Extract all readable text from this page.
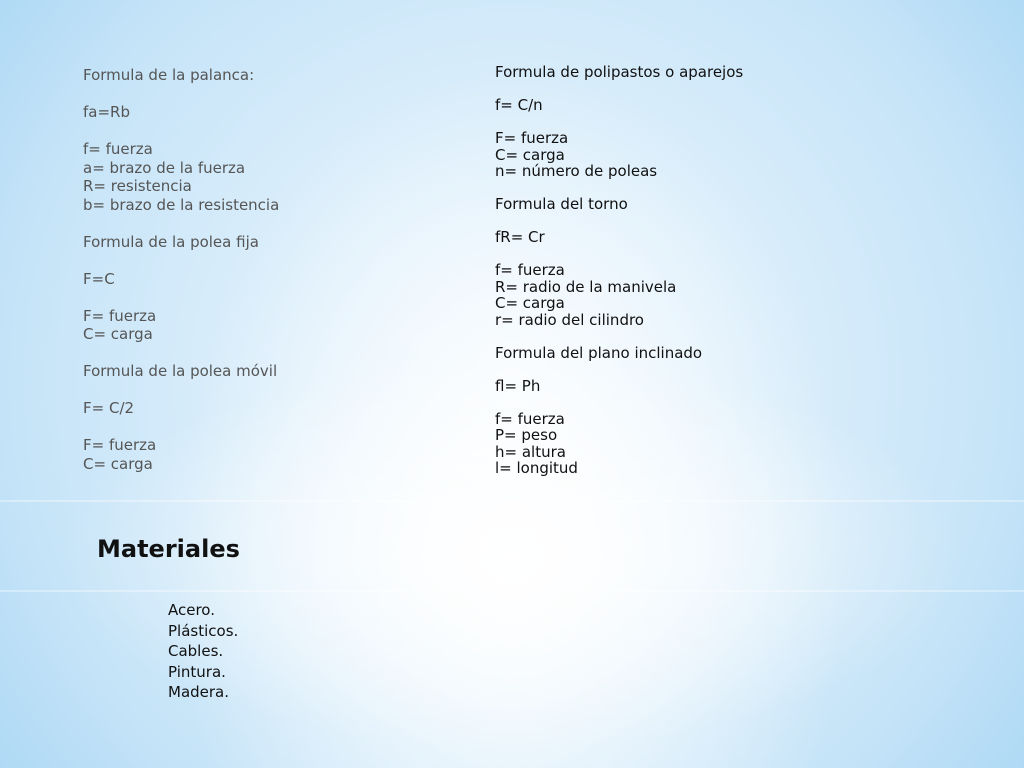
Formula de la palanca:

fa=Rb

f= fuerza

a= brazo de la fuerza

R= resistencia

b= brazo de la resistencia

Formula de la polea fija

F=C

F= fuerza

C= carga

Formula de la polea móvil

F= C/2

F= fuerza

C= carga

Formula de polipastos o aparejos

f= C/n

F= fuerza

C= carga

n= número de poleas

Formula del torno

fR= Cr

f= fuerza

R= radio de la manivela

C= carga

r= radio del cilindro

Formula del plano inclinado

fl= Ph

f= fuerza

P= peso

h= altura

l= longitud

Materiales
Acero.
Plásticos.
Cables.
Pintura.
Madera.
